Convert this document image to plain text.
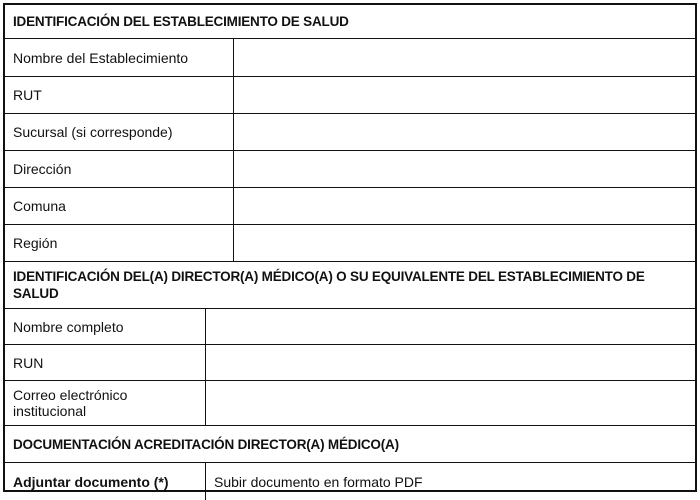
IDENTIFICACIÓN DEL ESTABLECIMIENTO DE SALUD
Nombre del Establecimiento
RUT
Sucursal (si corresponde)
Dirección
Comuna
Región
IDENTIFICACIÓN DEL(A) DIRECTOR(A) MÉDICO(A) O SU EQUIVALENTE DEL ESTABLECIMIENTO DE SALUD
Nombre completo
RUN
Correo electrónico institucional
DOCUMENTACIÓN ACREDITACIÓN DIRECTOR(A) MÉDICO(A)
Adjuntar documento (*)	Subir documento en formato PDF
